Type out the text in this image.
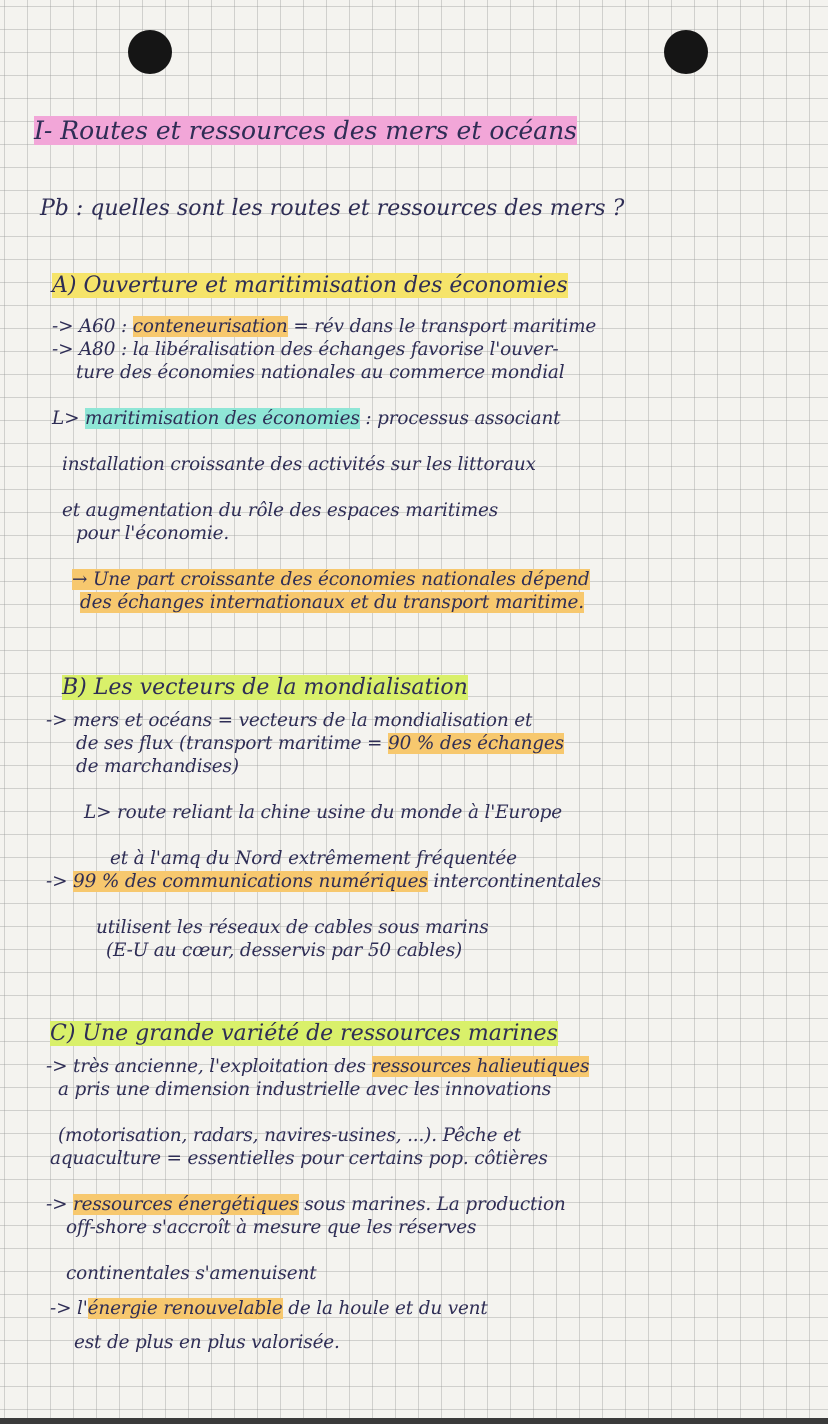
I- Routes et ressources des mers et océans
Pb : quelles sont les routes et ressources des mers ?
A) Ouverture et maritimisation des économies
-> A60 : conteneurisation = rév dans le transport maritime
-> A80 : la libéralisation des échanges favorise l'ouver-
ture des économies nationales au commerce mondial
L> maritimisation des économies : processus associant
installation croissante des activités sur les littoraux
et augmentation du rôle des espaces maritimes
pour l'économie.
→ Une part croissante des économies nationales dépend
des échanges internationaux et du transport maritime.
B) Les vecteurs de la mondialisation
-> mers et océans = vecteurs de la mondialisation et
de ses flux (transport maritime = 90 % des échanges
de marchandises)
L> route reliant la chine usine du monde à l'Europe
et à l'amq du Nord extrêmement fréquentée
-> 99 % des communications numériques intercontinentales
utilisent les réseaux de cables sous marins
(E-U au cœur, desservis par 50 cables)
C) Une grande variété de ressources marines
-> très ancienne, l'exploitation des ressources halieutiques
a pris une dimension industrielle avec les innovations
(motorisation, radars, navires-usines, ...). Pêche et
aquaculture = essentielles pour certains pop. côtières
-> ressources énergétiques sous marines. La production
off-shore s'accroît à mesure que les réserves
continentales s'amenuisent
-> l'énergie renouvelable de la houle et du vent
est de plus en plus valorisée.
